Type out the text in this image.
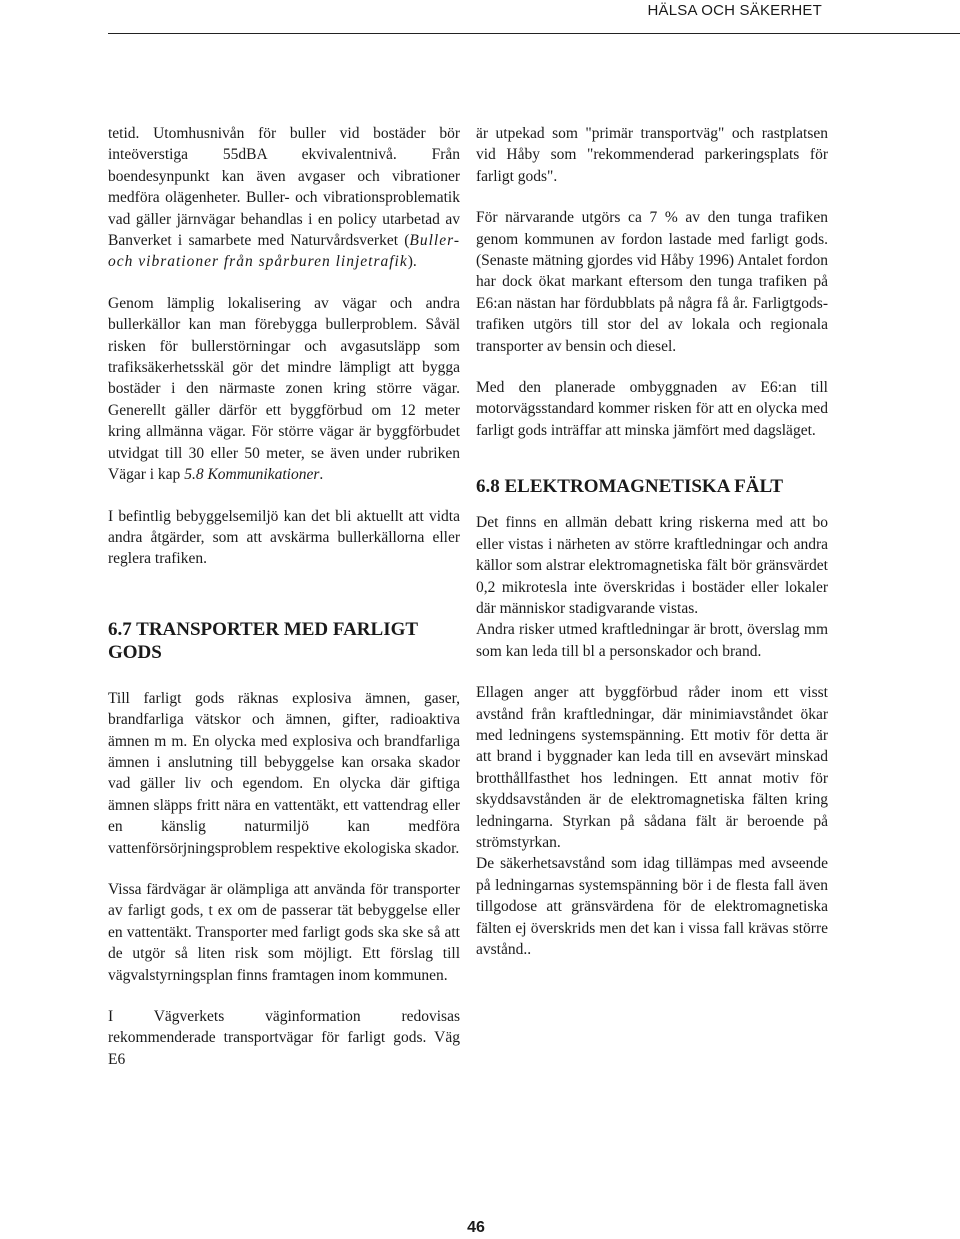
HÄLSA OCH SÄKERHET

tetid. Utomhusnivån för buller vid bostäder bör inteöverstiga 55dBA ekvivalentnivå. Från boendesynpunkt kan även avgaser och vibrationer medföra olägenheter. Buller- och vibrationsproblematik vad gäller järnvägar behandlas i en policy utarbetad av Banverket i samarbete med Naturvårdsverket (Buller- och vibrationer från spårburen linjetrafik).

Genom lämplig lokalisering av vägar och andra bullerkällor kan man förebygga bullerproblem. Såväl risken för bullerstörningar och avgasutsläpp som trafiksäkerhetsskäl gör det mindre lämpligt att bygga bostäder i den närmaste zonen kring större vägar. Generellt gäller därför ett byggförbud om 12 meter kring allmänna vägar. För större vägar är byggförbudet utvidgat till 30 eller 50 meter, se även under rubriken Vägar i kap 5.8 Kommunikationer.

I befintlig bebyggelsemiljö kan det bli aktuellt att vidta andra åtgärder, som att avskärma bullerkällorna eller reglera trafiken.

6.7 TRANSPORTER MED FARLIGT GODS

Till farligt gods räknas explosiva ämnen, gaser, brandfarliga vätskor och ämnen, gifter, radioaktiva ämnen m m. En olycka med explosiva och brandfarliga ämnen i anslutning till bebyggelse kan orsaka skador vad gäller liv och egendom. En olycka där giftiga ämnen släpps fritt nära en vattentäkt, ett vattendrag eller en känslig naturmiljö kan medföra vattenförsörjningsproblem respektive ekologiska skador.

Vissa färdvägar är olämpliga att använda för transporter av farligt gods, t ex om de passerar tät bebyggelse eller en vattentäkt. Transporter med farligt gods ska ske så att de utgör så liten risk som möjligt. Ett förslag till vägvalstyrningsplan finns framtagen inom kommunen.

I Vägverkets väginformation redovisas rekommenderade transportvägar för farligt gods. Väg E6

är utpekad som "primär transportväg" och rastplatsen vid Håby som "rekommenderad parkeringsplats för farligt gods".

För närvarande utgörs ca 7 % av den tunga trafiken genom kommunen av fordon lastade med farligt gods. (Senaste mätning gjordes vid Håby 1996) Antalet fordon har dock ökat markant eftersom den tunga trafiken på E6:an nästan har fördubblats på några få år. Farligtgods-trafiken utgörs till stor del av lokala och regionala transporter av bensin och diesel.

Med den planerade ombyggnaden av E6:an till motorvägsstandard kommer risken för att en olycka med farligt gods inträffar att minska jämfört med dagsläget.

6.8 ELEKTROMAGNETISKA FÄLT

Det finns en allmän debatt kring riskerna med att bo eller vistas i närheten av större kraftledningar och andra källor som alstrar elektromagnetiska fält bör gränsvärdet 0,2 mikrotesla inte överskridas i bostäder eller lokaler där människor stadigvarande vistas.

Andra risker utmed kraftledningar är brott, överslag mm som kan leda till bl a personskador och brand.

Ellagen anger att byggförbud råder inom ett visst avstånd från kraftledningar, där minimiavståndet ökar med ledningens systemspänning. Ett motiv för detta är att brand i byggnader kan leda till en avsevärt minskad brotthållfasthet hos ledningen. Ett annat motiv för skyddsavstånden är de elektromagnetiska fälten kring ledningarna. Styrkan på sådana fält är beroende på strömstyrkan.

De säkerhetsavstånd som idag tillämpas med avseende på ledningarnas systemspänning bör i de flesta fall även tillgodose att gränsvärdena för de elektromagnetiska fälten ej överskrids men det kan i vissa fall krävas större avstånd..

46
